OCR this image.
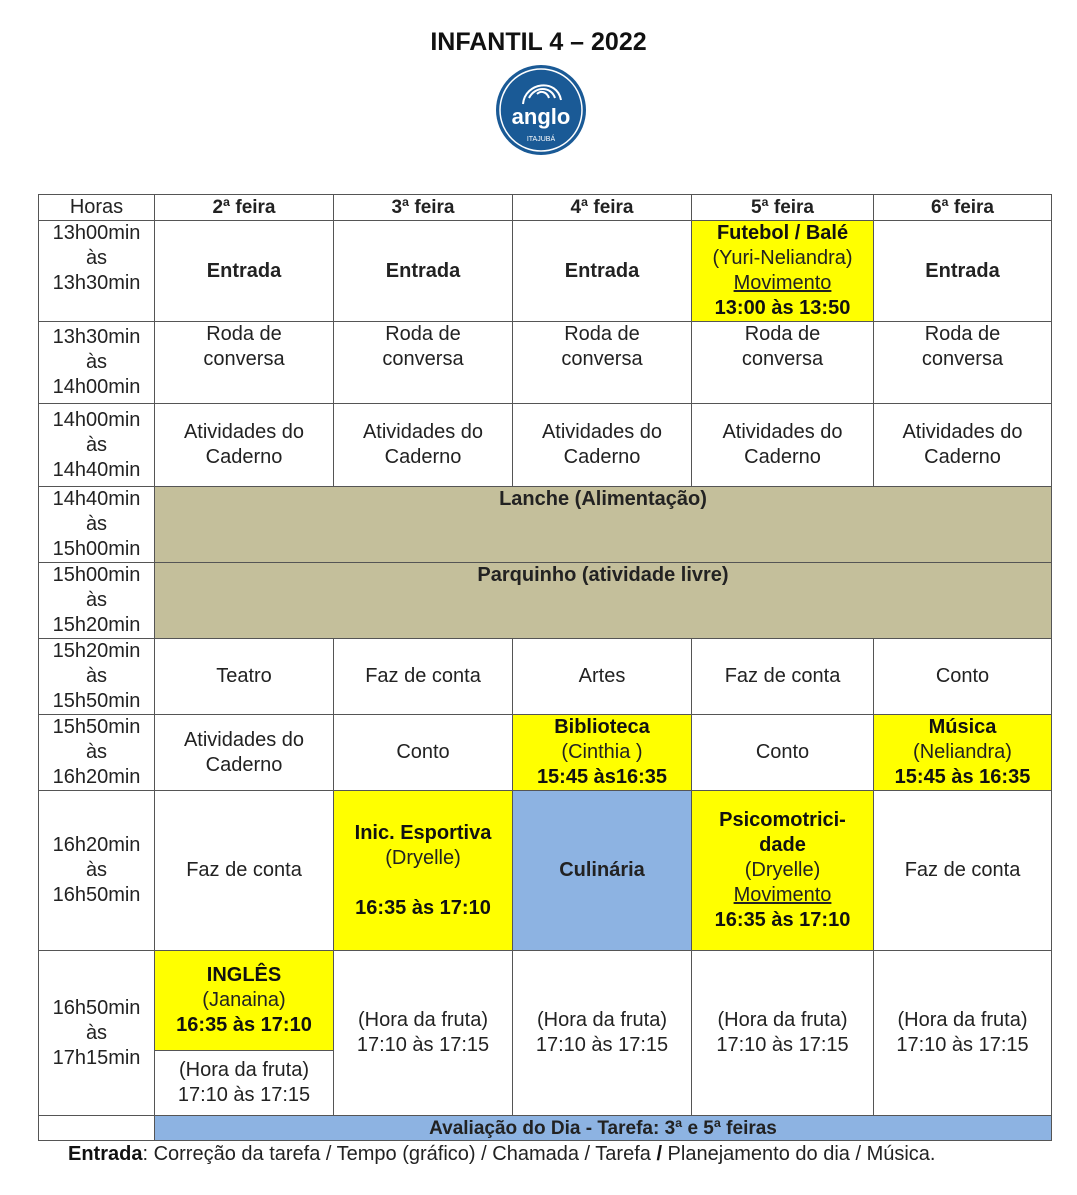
INFANTIL 4 – 2022
anglo
ITAJUBÁ
Horas	2ª feira	3ª feira	4ª feira	5ª feira	6ª feira

13h00min
às
13h30min	Entrada	Entrada	Entrada	Futebol / Balé
(Yuri-Neliandra)
Movimento
13:00 às 13:50	Entrada

13h30min
às
14h00min	Roda de
conversa	Roda de
conversa	Roda de
conversa	Roda de
conversa	Roda de
conversa

14h00min
às
14h40min	Atividades do
Caderno	Atividades do
Caderno	Atividades do
Caderno	Atividades do
Caderno	Atividades do
Caderno

14h40min
às
15h00min	Lanche (Alimentação)				

15h00min
às
15h20min	Parquinho (atividade livre)				

15h20min
às
15h50min	Teatro	Faz de conta	Artes	Faz de conta	Conto

15h50min
às
16h20min	Atividades do
Caderno	Conto	Biblioteca
(Cinthia )
15:45 às16:35	Conto	Música
(Neliandra)
15:45 às 16:35

16h20min
às
16h50min	Faz de conta	Inic. Esportiva
(Dryelle)
16:35 às 17:10	Culinária	Psicomotrici-
dade
(Dryelle)
Movimento
16:35 às 17:10	Faz de conta

16h50min
às
17h15min	INGLÊS
(Janaina)
16:35 às 17:10	(Hora da fruta)
17:10 às 17:15	(Hora da fruta)
17:10 às 17:15	(Hora da fruta)
17:10 às 17:15	(Hora da fruta)
17:10 às 17:15

	(Hora da fruta)
17:10 às 17:15				

	Avaliação do Dia - Tarefa: 3ª e 5ª feiras				
Entrada: Correção da tarefa / Tempo (gráfico) / Chamada / Tarefa / Planejamento do dia / Música.
